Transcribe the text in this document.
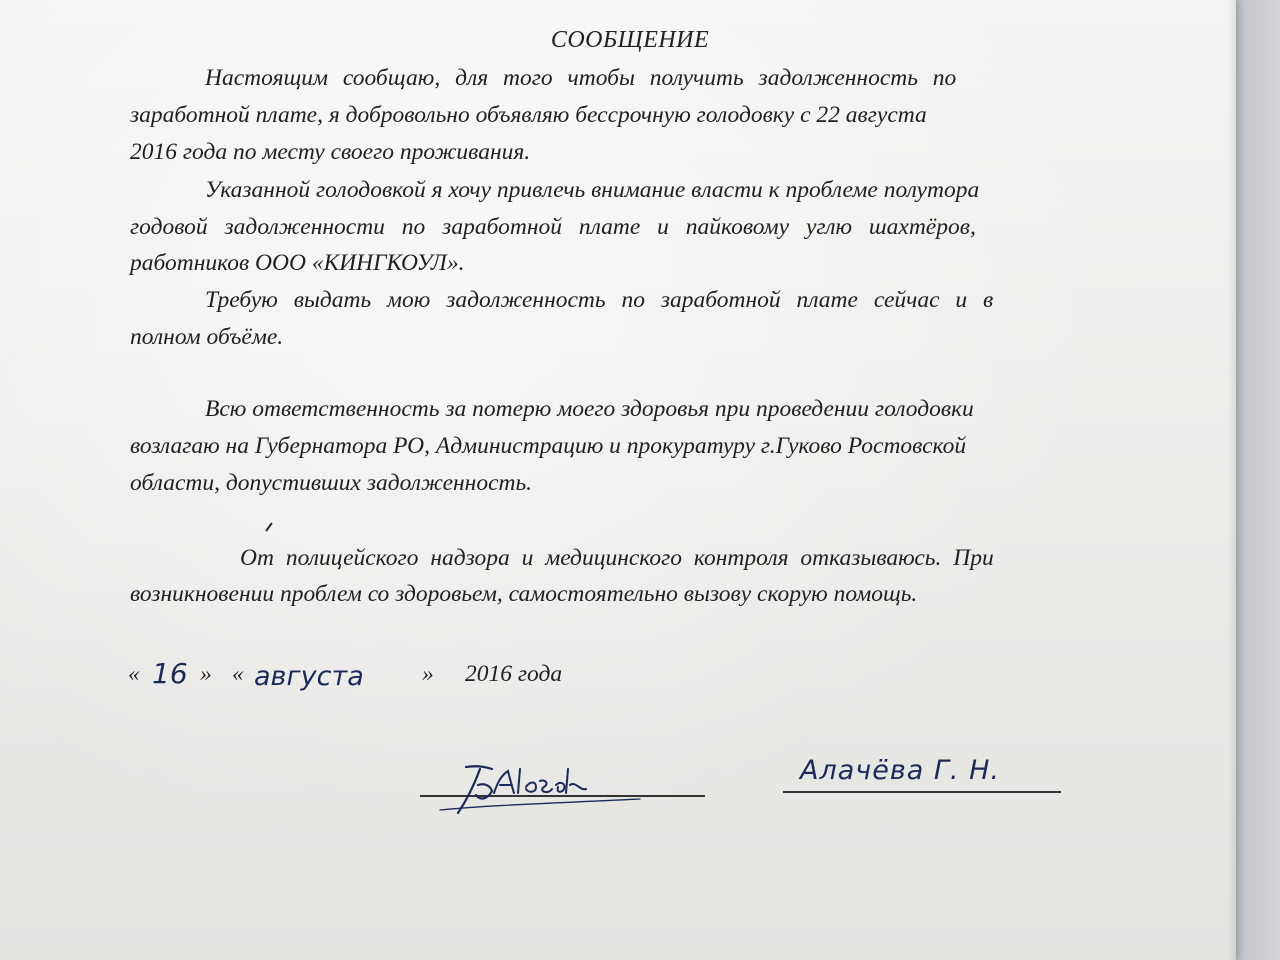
СООБЩЕНИЕ
Настоящим сообщаю, для того чтобы получить задолженность по
заработной плате, я добровольно объявляю бессрочную голодовку с 22 августа
2016 года по месту своего проживания.
Указанной голодовкой я хочу привлечь внимание власти к проблеме полутора
годовой задолженности по заработной плате и пайковому углю шахтёров,
работников ООО «КИНГКОУЛ».
Требую выдать мою задолженность по заработной плате сейчас и в
полном объёме.
Всю ответственность за потерю моего здоровья при проведении голодовки
возлагаю на Губернатора РО, Администрацию и прокуратуру г.Гуково Ростовской
области, допустивших задолженность.
От полицейского надзора и медицинского контроля отказываюсь. При
возникновении проблем со здоровьем, самостоятельно вызову скорую помощь.
« 16 » « августа » 2016 года
Алчева
Алачёва Г. Н.
